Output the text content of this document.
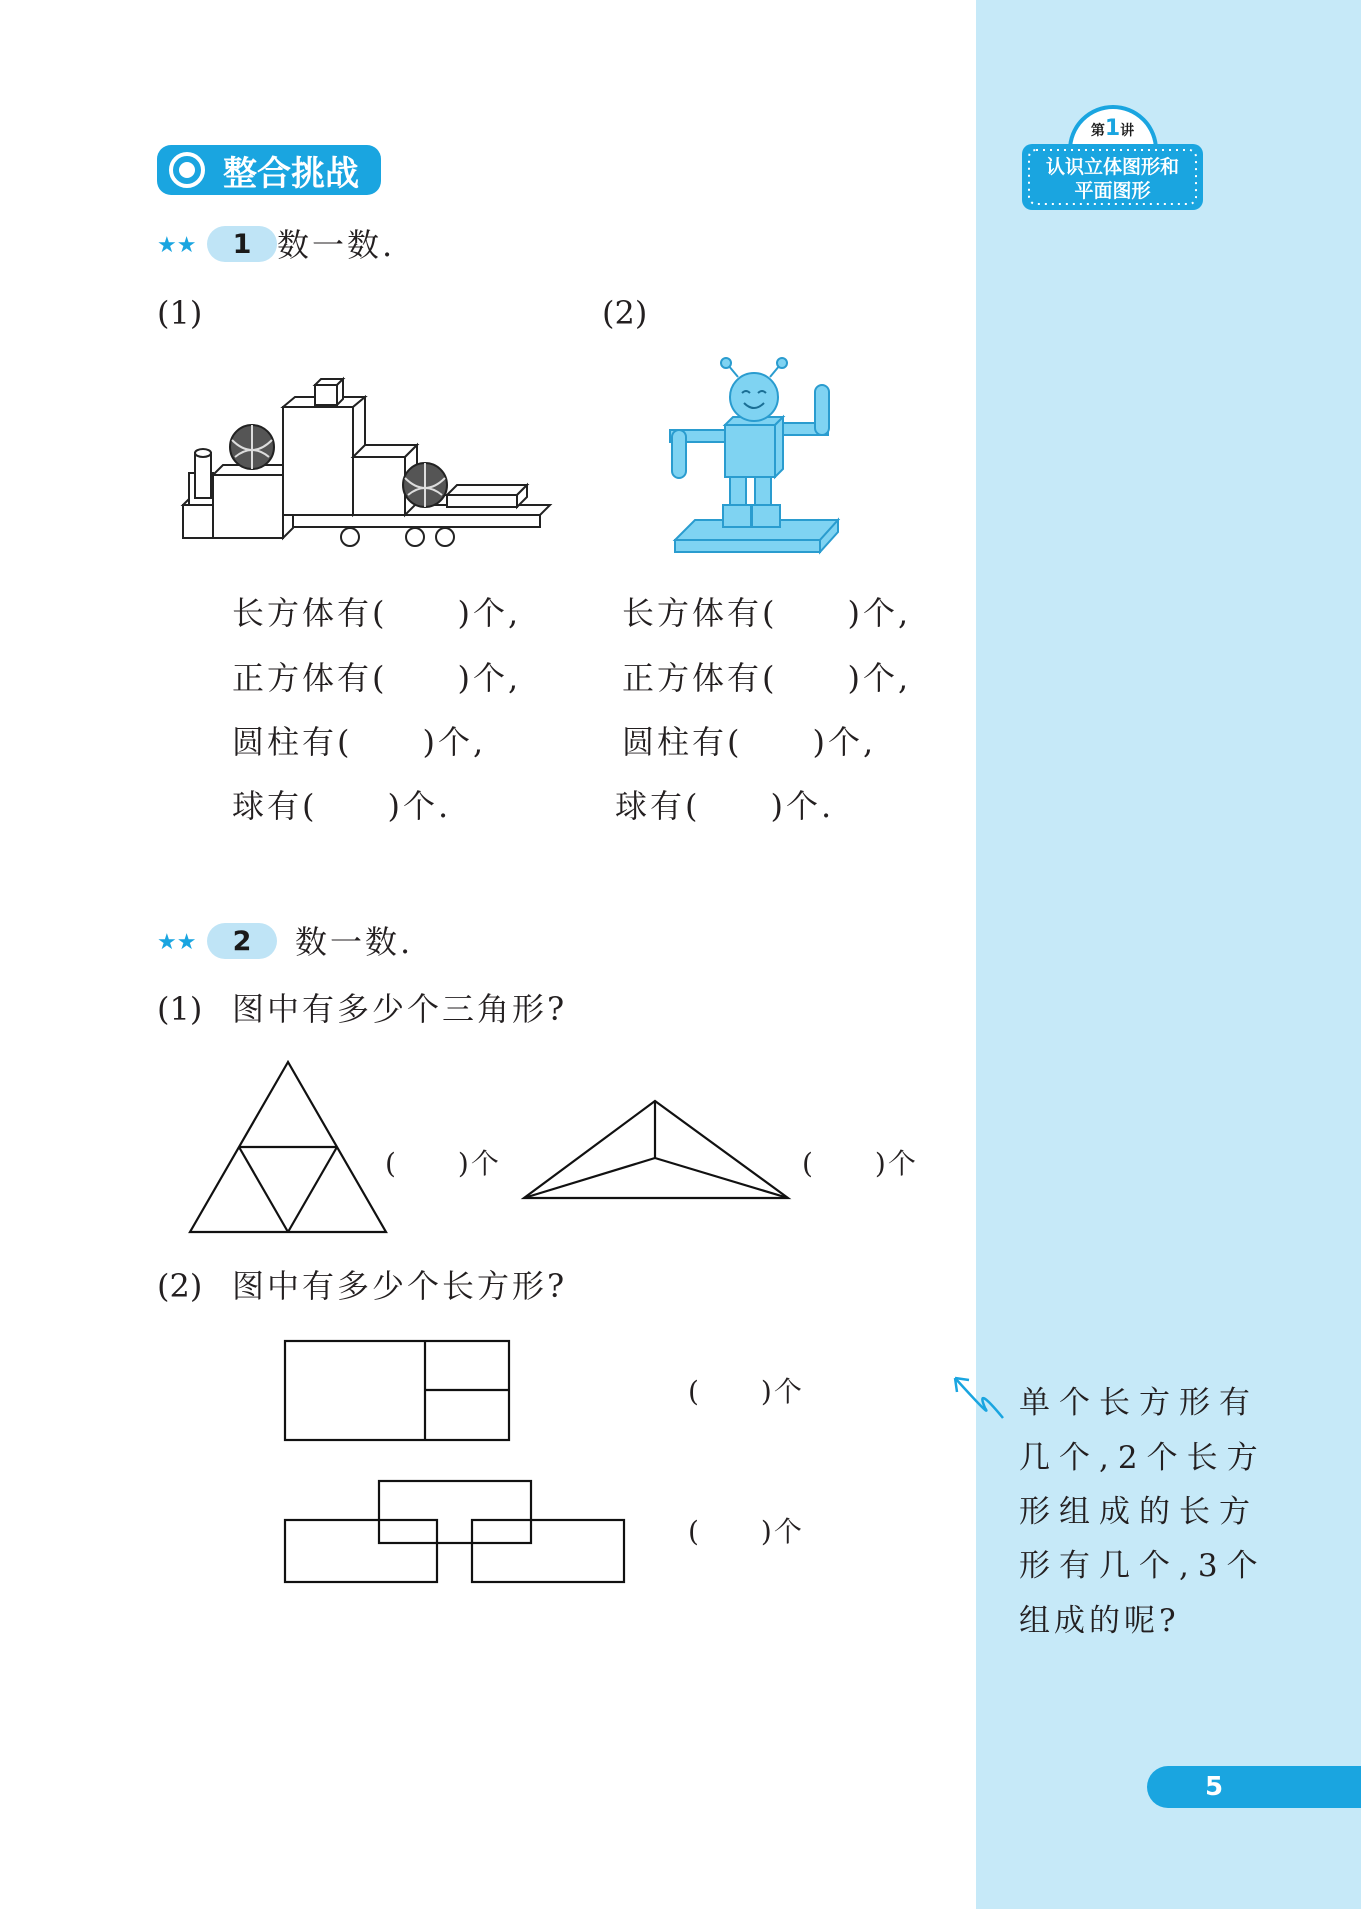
第1讲
认识立体图形和
平面图形
整合挑战
★★	1 数一数.
(1)	(2)
长方体有(　　)个,
正方体有(　　)个,
圆柱有(　　)个,
球有(　　)个.
长方体有(　　)个,
正方体有(　　)个,
圆柱有(　　)个,
球有(　　)个.
★★	2	数一数.
(1) 图中有多少个三角形?
(　　)个	(　　)个
(2) 图中有多少个长方形?
(　　)个
(　　)个
单个长方形有
几个,2个长方
形组成的长方
形有几个,3个
组成的呢?
5
